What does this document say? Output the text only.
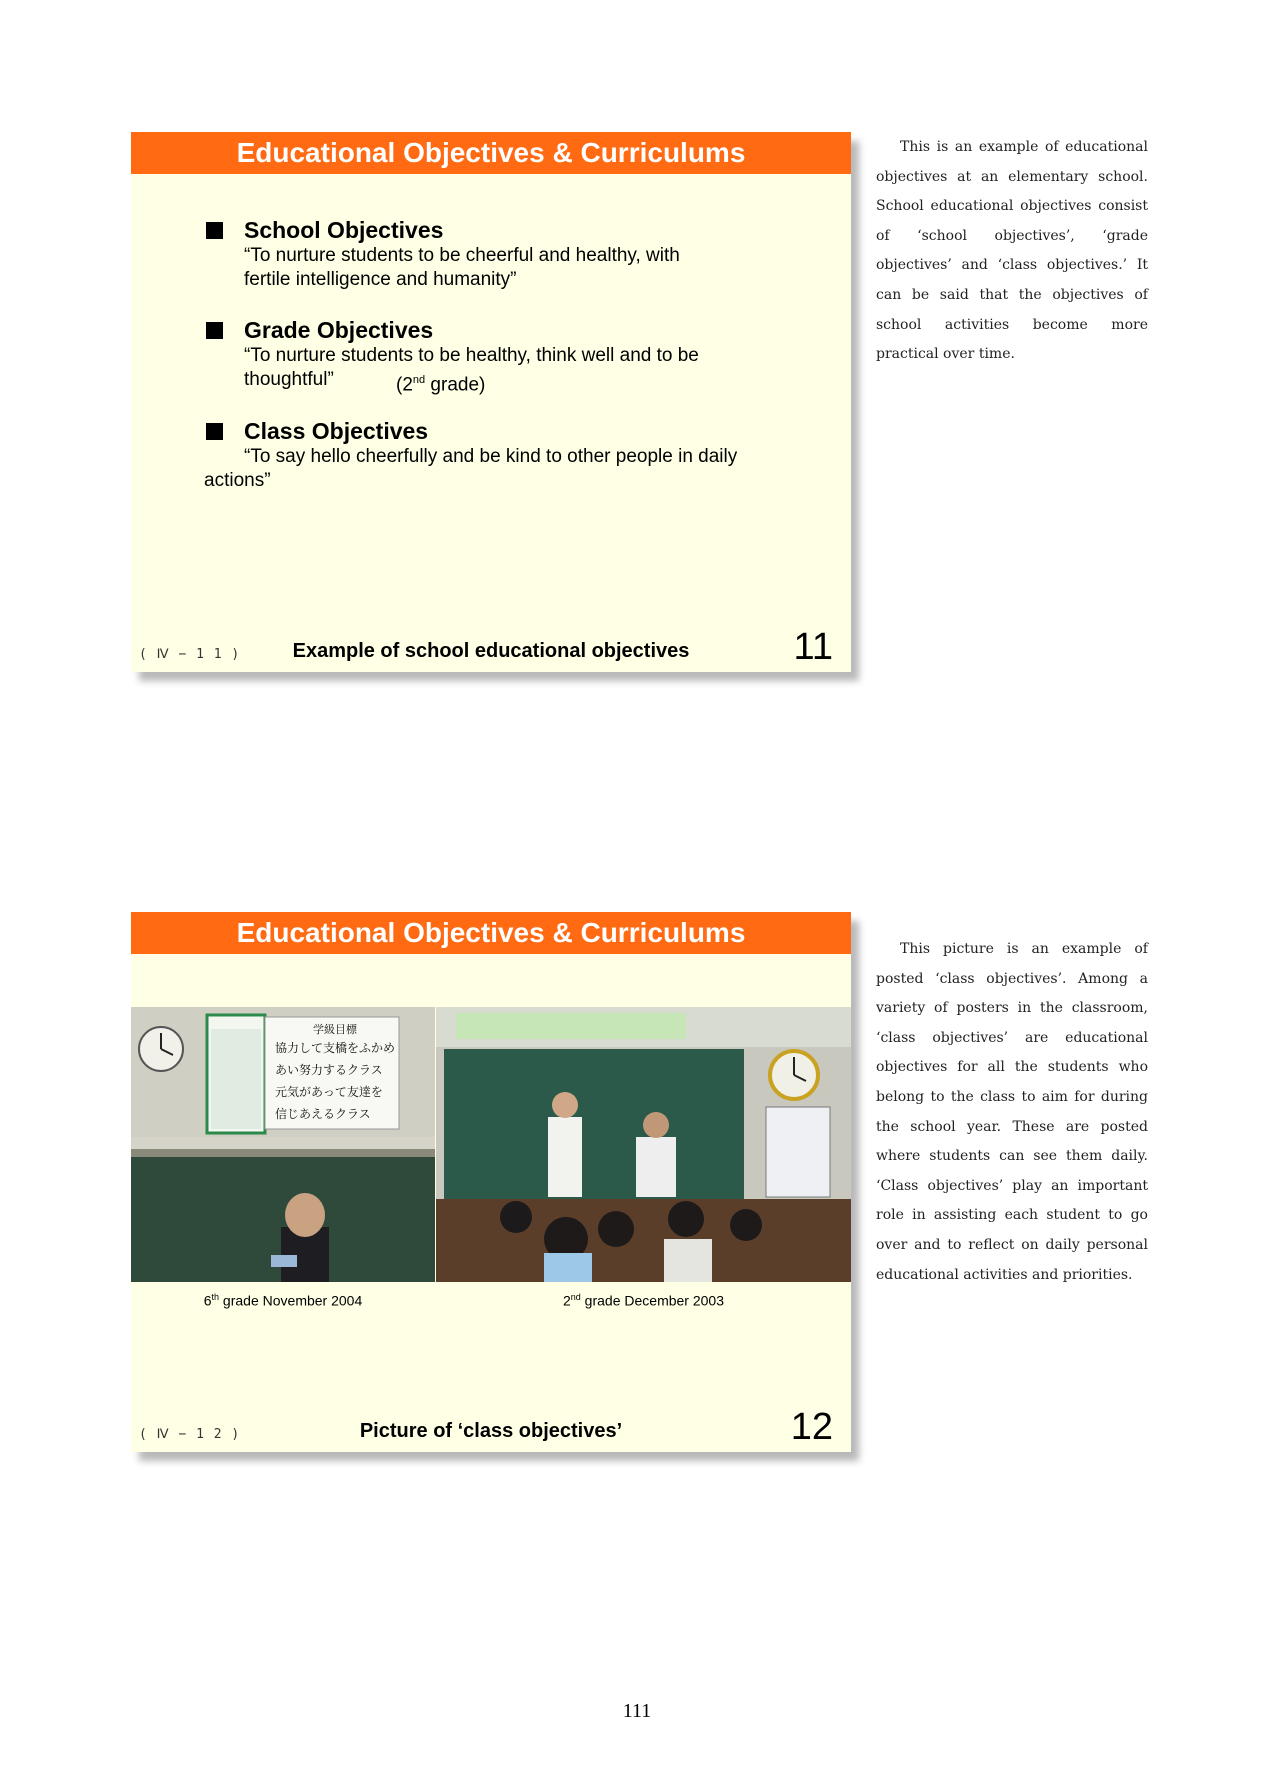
Educational Objectives & Curriculums
School Objectives
“To nurture students to be cheerful and healthy, with
fertile intelligence and humanity”
Grade Objectives
“To nurture students to be healthy, think well and to be
thoughtful”	(2nd grade)
Class Objectives
“To say hello cheerfully and be kind to other people in daily
actions”
( Ⅳ − 1 1 )	Example of school educational objectives	11
Educational Objectives & Curriculums
学級目標
協力して支橋をふかめ
あい努力するクラス
元気があって友達を
信じあえるクラス
6th grade November 2004	2nd grade December 2003
( Ⅳ − 1 2 )	Picture of ‘class objectives’	12
This is an example of educational objectives at an elementary school. School educational objectives consist of ‘school objectives’, ‘grade objectives’ and ‘class objectives.’ It can be said that the objectives of school activities become more practical over time.
This picture is an example of posted ‘class objectives’. Among a variety of posters in the classroom, ‘class objectives’ are educational objectives for all the students who belong to the class to aim for during the school year. These are posted where students can see them daily. ‘Class objectives’ play an important role in assisting each student to go over and to reflect on daily personal educational activities and priorities.
111
